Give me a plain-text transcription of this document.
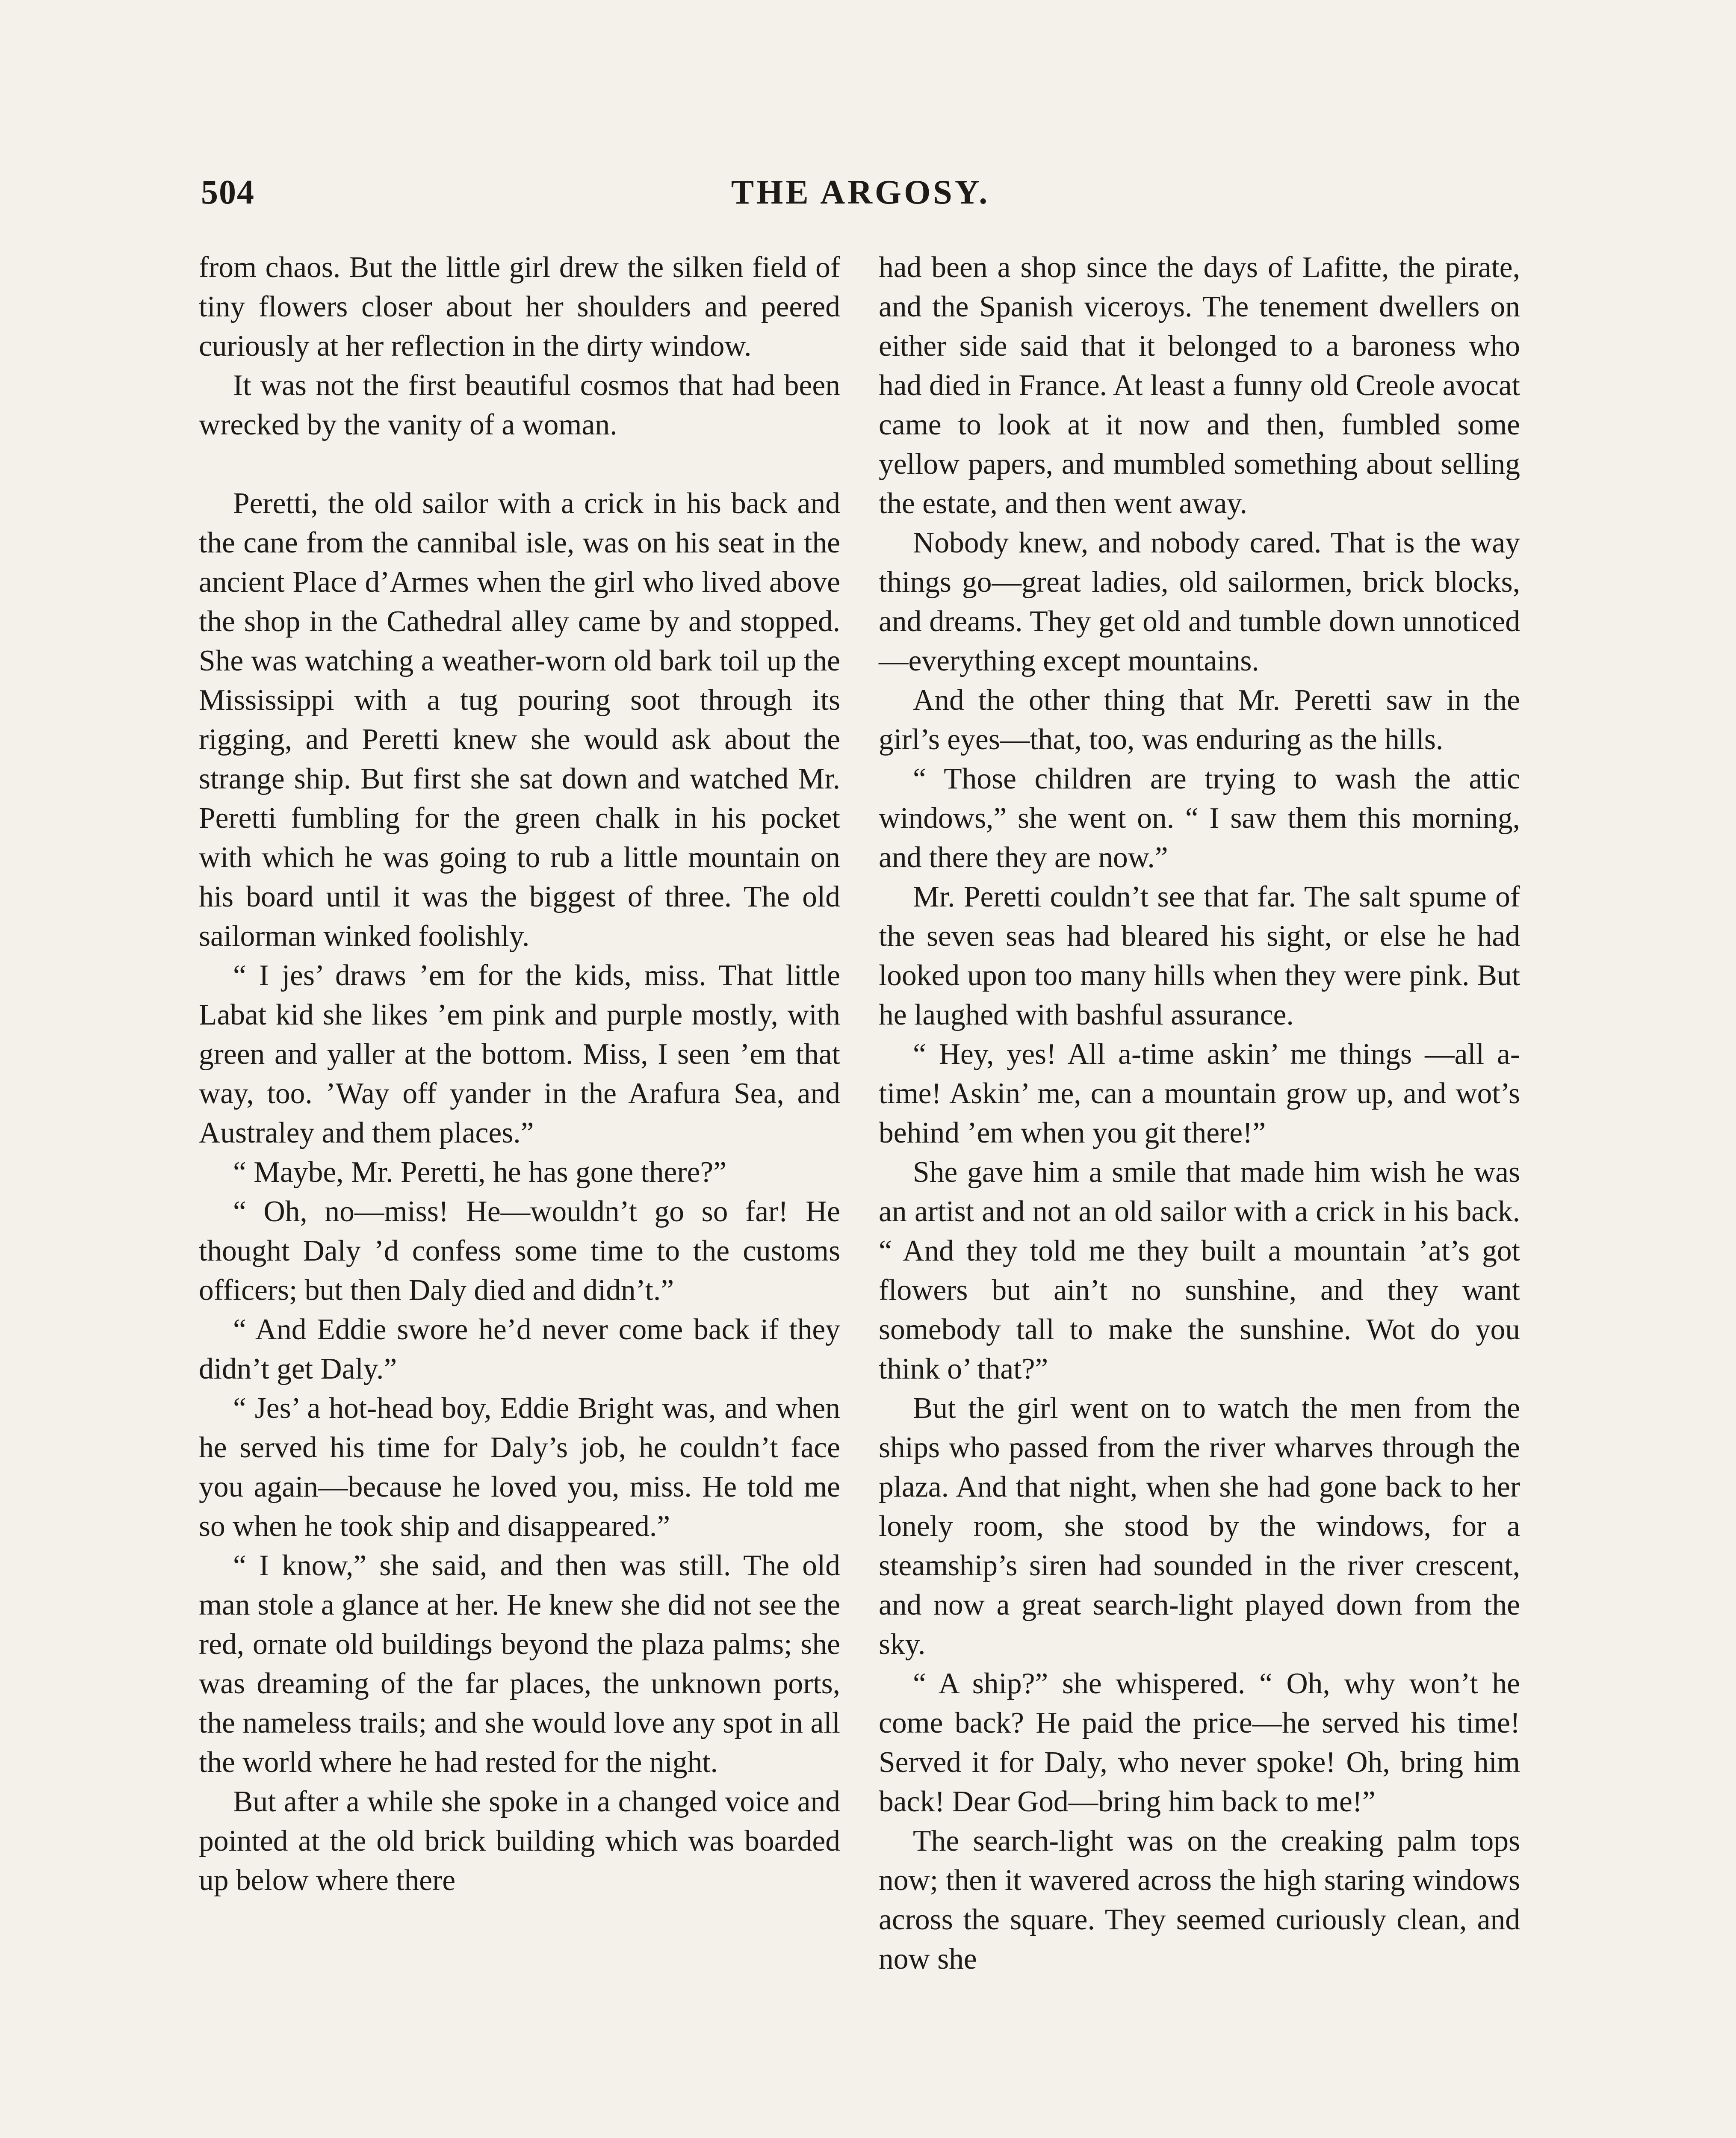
504	THE ARGOSY.

from chaos. But the little girl drew the silken field of tiny flowers closer about her shoulders and peered curiously at her reflection in the dirty window.

It was not the first beautiful cosmos that had been wrecked by the vanity of a woman.

Peretti, the old sailor with a crick in his back and the cane from the cannibal isle, was on his seat in the ancient Place d’Armes when the girl who lived above the shop in the Cathedral alley came by and stopped. She was watching a weather-worn old bark toil up the Mississippi with a tug pouring soot through its rigging, and Peretti knew she would ask about the strange ship. But first she sat down and watched Mr. Peretti fumbling for the green chalk in his pocket with which he was going to rub a little mountain on his board until it was the biggest of three. The old sailorman winked foolishly.

“ I jes’ draws ’em for the kids, miss. That little Labat kid she likes ’em pink and purple mostly, with green and yaller at the bottom. Miss, I seen ’em that way, too. ’Way off yander in the Arafura Sea, and Australey and them places.”

“ Maybe, Mr. Peretti, he has gone there?”

“ Oh, no—miss! He—wouldn’t go so far! He thought Daly ’d confess some time to the customs officers; but then Daly died and didn’t.”

“ And Eddie swore he’d never come back if they didn’t get Daly.”

“ Jes’ a hot-head boy, Eddie Bright was, and when he served his time for Daly’s job, he couldn’t face you again—because he loved you, miss. He told me so when he took ship and disappeared.”

“ I know,” she said, and then was still. The old man stole a glance at her. He knew she did not see the red, ornate old buildings beyond the plaza palms; she was dreaming of the far places, the unknown ports, the nameless trails; and she would love any spot in all the world where he had rested for the night.

But after a while she spoke in a changed voice and pointed at the old brick building which was boarded up below where there

had been a shop since the days of Lafitte, the pirate, and the Spanish viceroys. The tenement dwellers on either side said that it belonged to a baroness who had died in France. At least a funny old Creole avocat came to look at it now and then, fumbled some yellow papers, and mumbled something about selling the estate, and then went away.

Nobody knew, and nobody cared. That is the way things go—great ladies, old sailormen, brick blocks, and dreams. They get old and tumble down unnoticed—everything except mountains.

And the other thing that Mr. Peretti saw in the girl’s eyes—that, too, was enduring as the hills.

“ Those children are trying to wash the attic windows,” she went on. “ I saw them this morning, and there they are now.”

Mr. Peretti couldn’t see that far. The salt spume of the seven seas had bleared his sight, or else he had looked upon too many hills when they were pink. But he laughed with bashful assurance.

“ Hey, yes! All a-time askin’ me things —all a-time! Askin’ me, can a mountain grow up, and wot’s behind ’em when you git there!”

She gave him a smile that made him wish he was an artist and not an old sailor with a crick in his back. “ And they told me they built a mountain ’at’s got flowers but ain’t no sunshine, and they want somebody tall to make the sunshine. Wot do you think o’ that?”

But the girl went on to watch the men from the ships who passed from the river wharves through the plaza. And that night, when she had gone back to her lonely room, she stood by the windows, for a steamship’s siren had sounded in the river crescent, and now a great search-light played down from the sky.

“ A ship?” she whispered. “ Oh, why won’t he come back? He paid the price—he served his time! Served it for Daly, who never spoke! Oh, bring him back! Dear God—bring him back to me!”

The search-light was on the creaking palm tops now; then it wavered across the high staring windows across the square. They seemed curiously clean, and now she
